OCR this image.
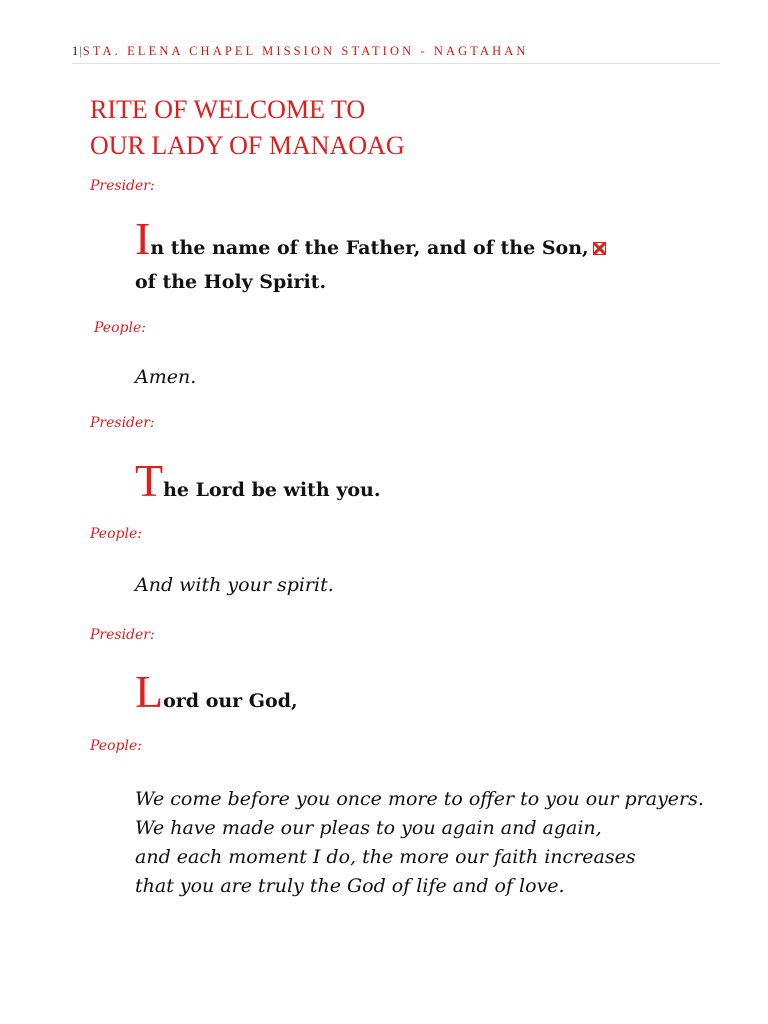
1|STA. ELENA CHAPEL MISSION STATION - NAGTAHAN
RITE OF WELCOME TO
OUR LADY OF MANAOAG
Presider:
In the name of the Father, and of the Son,
of the Holy Spirit.
People:
Amen.
Presider:
The Lord be with you.
People:
And with your spirit.
Presider:
Lord our God,
People:
We come before you once more to offer to you our prayers.
We have made our pleas to you again and again,
and each moment I do, the more our faith increases
that you are truly the God of life and of love.
